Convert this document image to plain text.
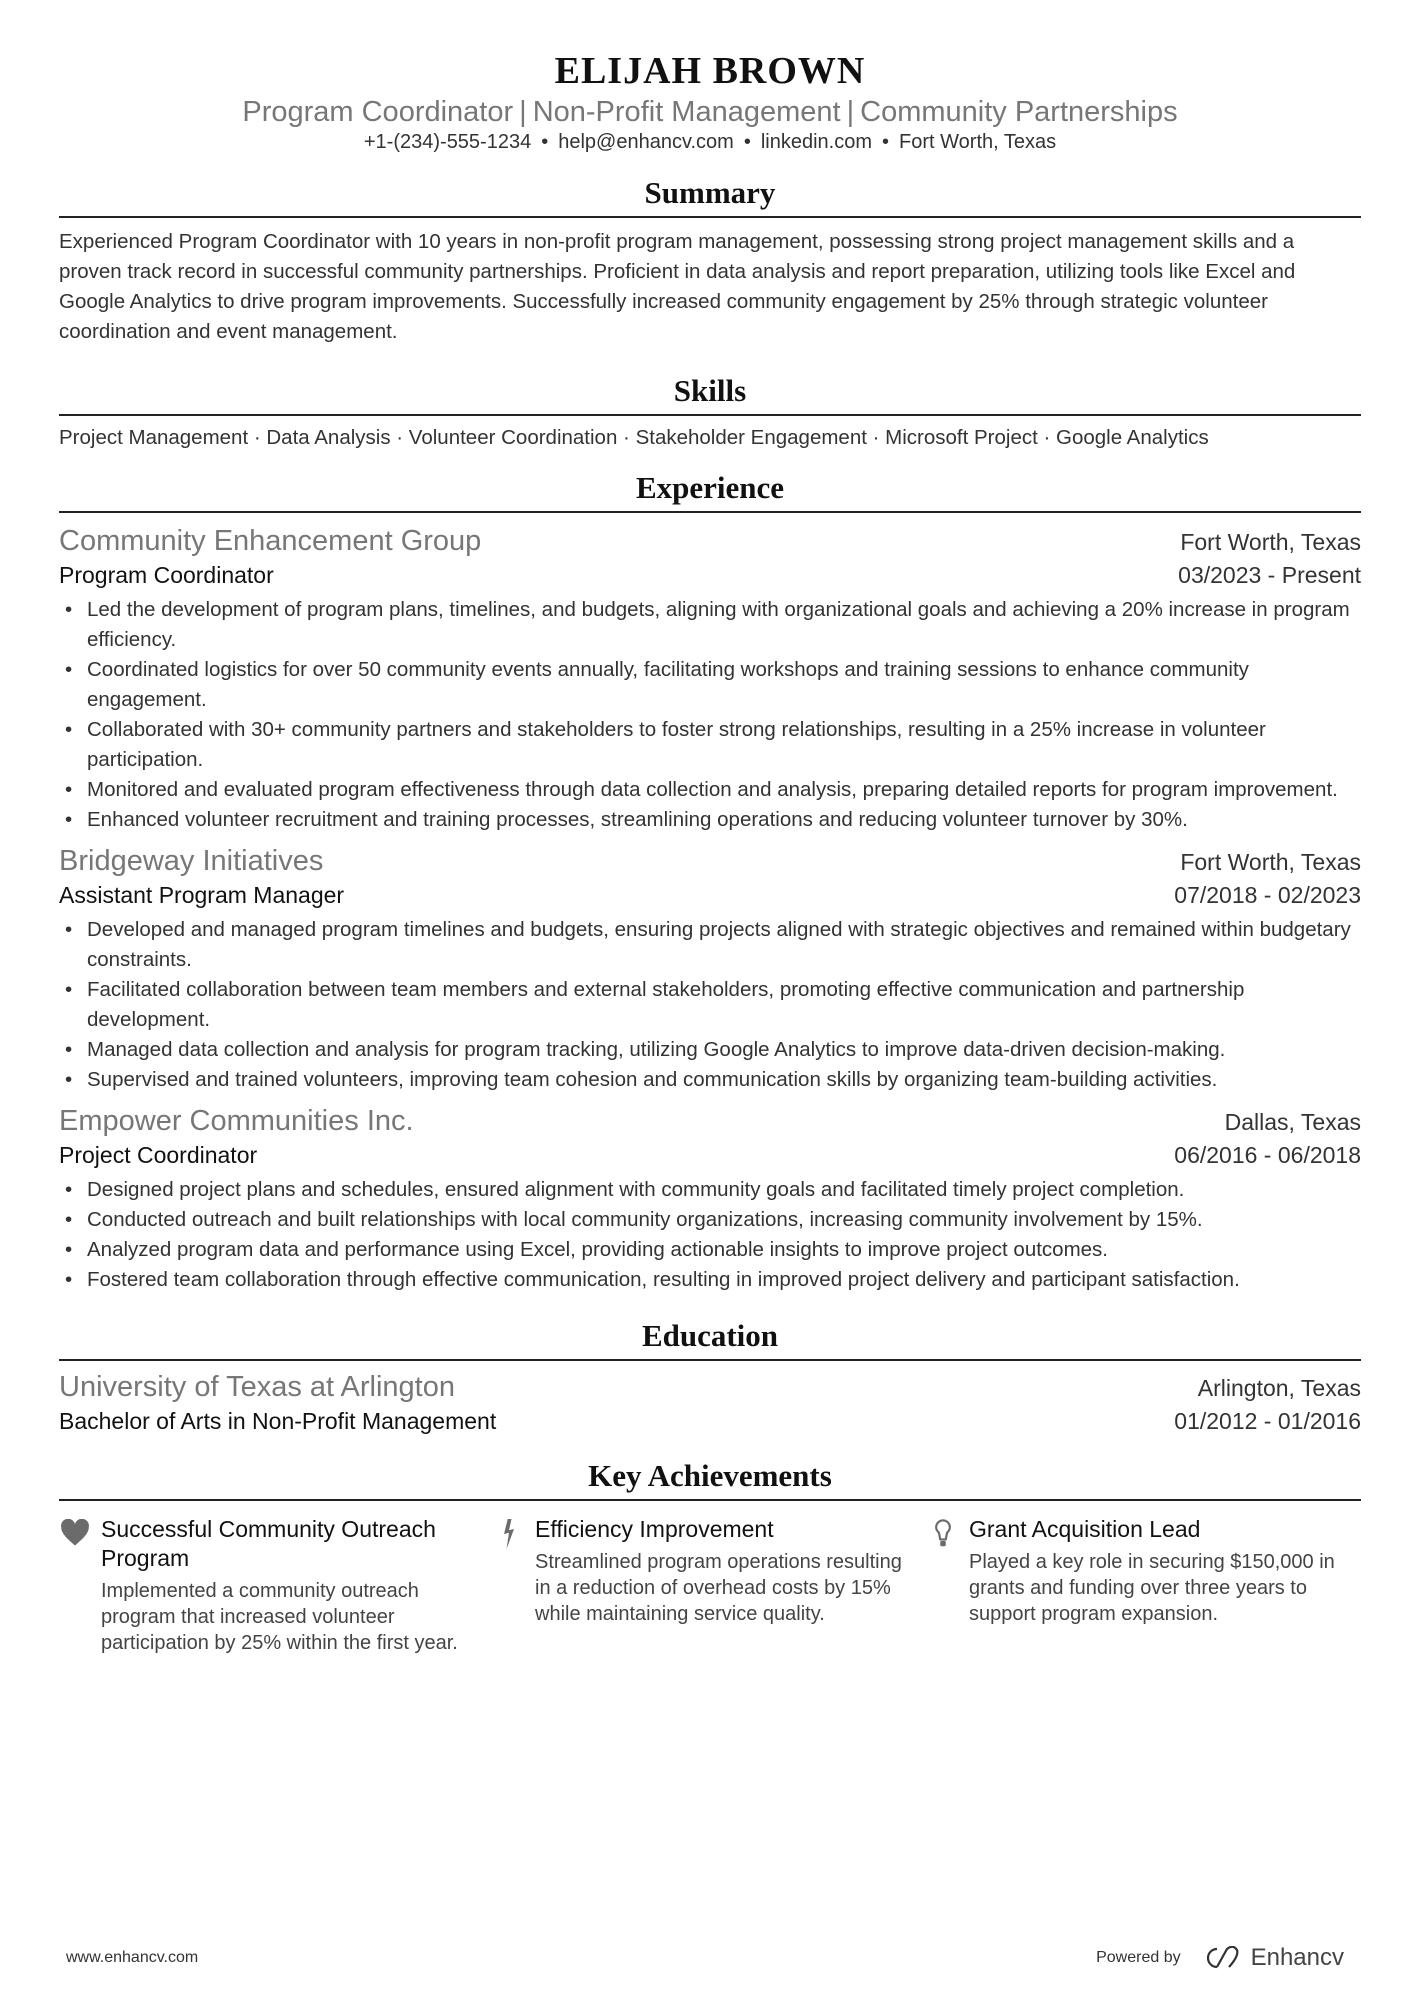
ELIJAH BROWN
Program Coordinator | Non-Profit Management | Community Partnerships
+1-(234)-555-1234 • help@enhancv.com • linkedin.com • Fort Worth, Texas
Summary
Experienced Program Coordinator with 10 years in non-profit program management, possessing strong project management skills and a proven track record in successful community partnerships. Proficient in data analysis and report preparation, utilizing tools like Excel and Google Analytics to drive program improvements. Successfully increased community engagement by 25% through strategic volunteer coordination and event management.
Skills
Project Management · Data Analysis · Volunteer Coordination · Stakeholder Engagement · Microsoft Project · Google Analytics
Experience
Community Enhancement Group	Fort Worth, Texas
Program Coordinator	03/2023 - Present
• Led the development of program plans, timelines, and budgets, aligning with organizational goals and achieving a 20% increase in program efficiency.
• Coordinated logistics for over 50 community events annually, facilitating workshops and training sessions to enhance community engagement.
• Collaborated with 30+ community partners and stakeholders to foster strong relationships, resulting in a 25% increase in volunteer participation.
• Monitored and evaluated program effectiveness through data collection and analysis, preparing detailed reports for program improvement.
• Enhanced volunteer recruitment and training processes, streamlining operations and reducing volunteer turnover by 30%.
Bridgeway Initiatives	Fort Worth, Texas
Assistant Program Manager	07/2018 - 02/2023
• Developed and managed program timelines and budgets, ensuring projects aligned with strategic objectives and remained within budgetary constraints.
• Facilitated collaboration between team members and external stakeholders, promoting effective communication and partnership development.
• Managed data collection and analysis for program tracking, utilizing Google Analytics to improve data-driven decision-making.
• Supervised and trained volunteers, improving team cohesion and communication skills by organizing team-building activities.
Empower Communities Inc.	Dallas, Texas
Project Coordinator	06/2016 - 06/2018
• Designed project plans and schedules, ensured alignment with community goals and facilitated timely project completion.
• Conducted outreach and built relationships with local community organizations, increasing community involvement by 15%.
• Analyzed program data and performance using Excel, providing actionable insights to improve project outcomes.
• Fostered team collaboration through effective communication, resulting in improved project delivery and participant satisfaction.
Education
University of Texas at Arlington	Arlington, Texas
Bachelor of Arts in Non-Profit Management	01/2012 - 01/2016
Key Achievements
Successful Community Outreach Program
Implemented a community outreach program that increased volunteer participation by 25% within the first year.
Efficiency Improvement
Streamlined program operations resulting in a reduction of overhead costs by 15% while maintaining service quality.
Grant Acquisition Lead
Played a key role in securing $150,000 in grants and funding over three years to support program expansion.
www.enhancv.com	Powered by	Enhancv
